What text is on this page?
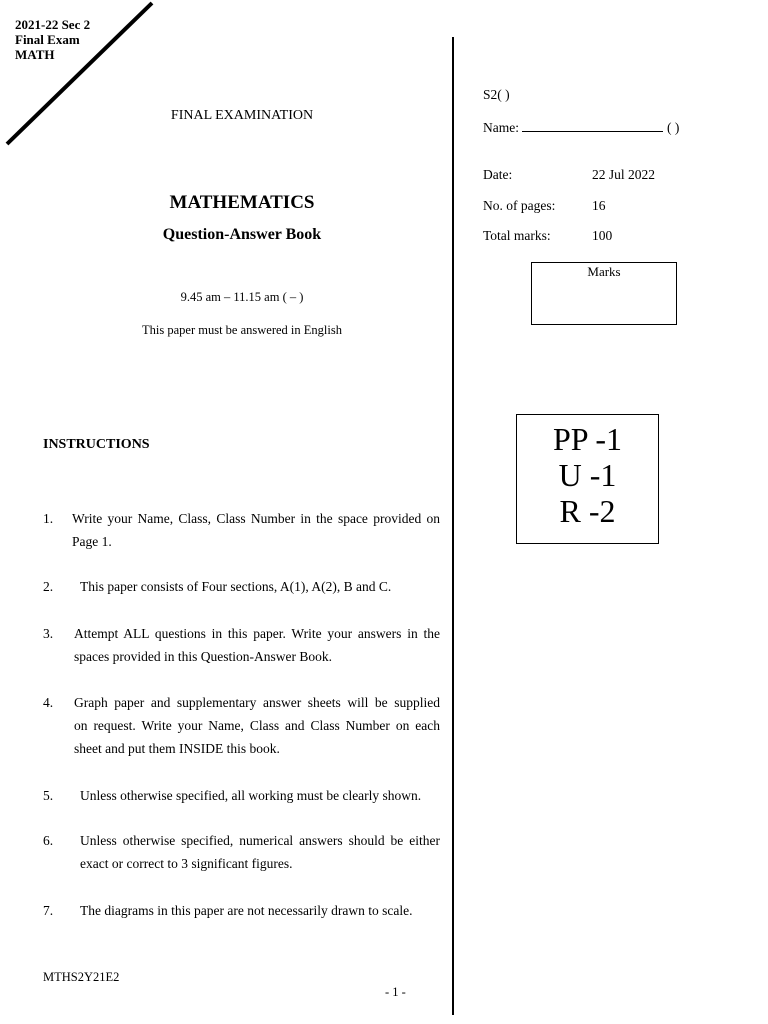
2021-22 Sec 2
Final Exam
MATH
FINAL EXAMINATION
MATHEMATICS
Question-Answer Book
9.45 am – 11.15 am ( – )
This paper must be answered in English
INSTRUCTIONS
1. Write your Name, Class, Class Number in the space provided on
Page 1.
2. This paper consists of Four sections, A(1), A(2), B and C.
3. Attempt ALL questions in this paper. Write your answers in the
spaces provided in this Question-Answer Book.
4. Graph paper and supplementary answer sheets will be supplied
on request. Write your Name, Class and Class Number on each
sheet and put them INSIDE this book.
5. Unless otherwise specified, all working must be clearly shown.
6. Unless otherwise specified, numerical answers should be either
exact or correct to 3 significant figures.
7. The diagrams in this paper are not necessarily drawn to scale.
MTHS2Y21E2
- 1 -
S2( )
Name:	( )
Date:	22 Jul 2022
No. of pages:	16
Total marks:	100
Marks
PP -1
U -1
R -2
